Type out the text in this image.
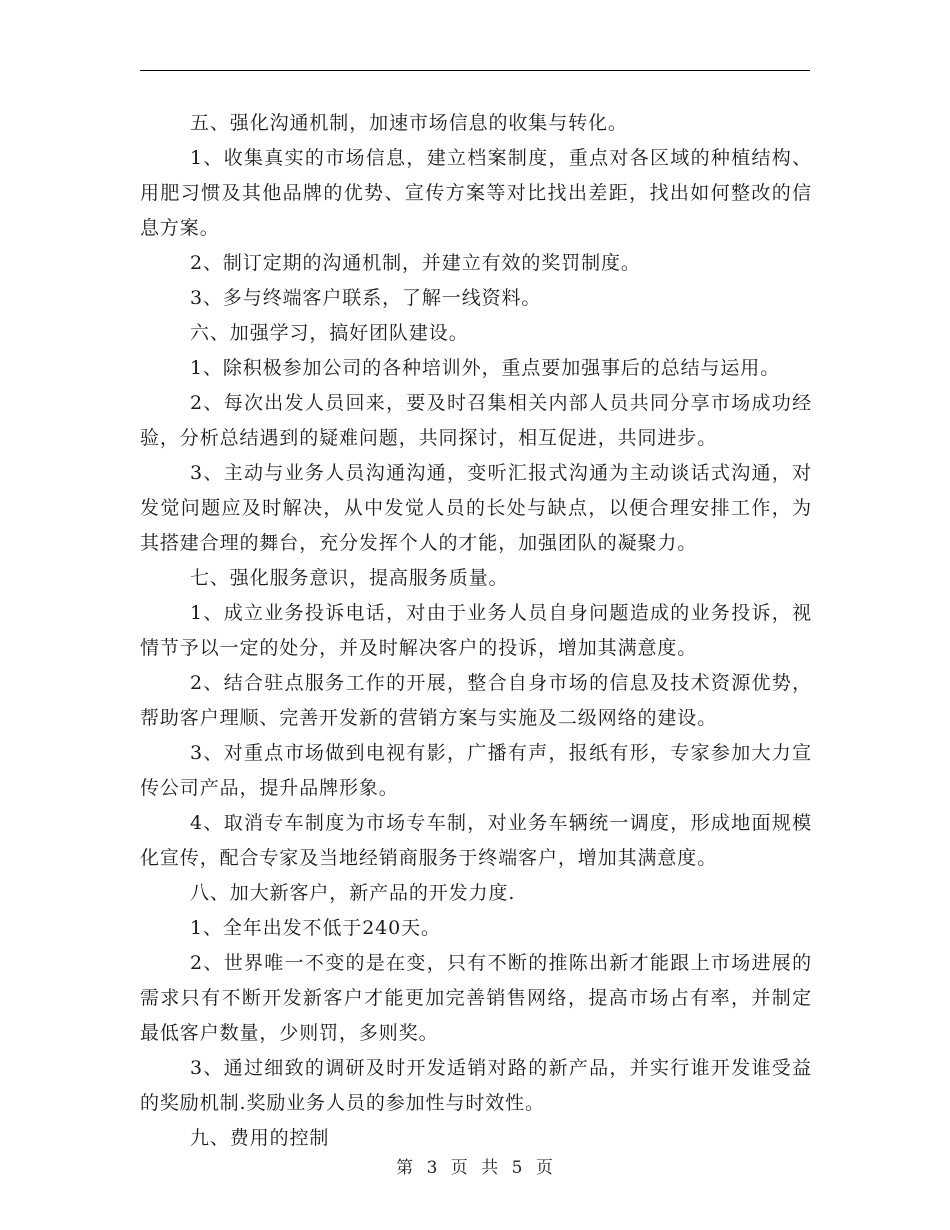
五、强化沟通机制，加速市场信息的收集与转化。

1、收集真实的市场信息，建立档案制度，重点对各区域的种植结构、用肥习惯及其他品牌的优势、宣传方案等对比找出差距，找出如何整改的信息方案。

2、制订定期的沟通机制，并建立有效的奖罚制度。

3、多与终端客户联系，了解一线资料。

六、加强学习，搞好团队建设。

1、除积极参加公司的各种培训外，重点要加强事后的总结与运用。

2、每次出发人员回来，要及时召集相关内部人员共同分享市场成功经验，分析总结遇到的疑难问题，共同探讨，相互促进，共同进步。

3、主动与业务人员沟通沟通，变听汇报式沟通为主动谈话式沟通，对发觉问题应及时解决，从中发觉人员的长处与缺点，以便合理安排工作，为其搭建合理的舞台，充分发挥个人的才能，加强团队的凝聚力。

七、强化服务意识，提高服务质量。

1、成立业务投诉电话，对由于业务人员自身问题造成的业务投诉，视情节予以一定的处分，并及时解决客户的投诉，增加其满意度。

2、结合驻点服务工作的开展，整合自身市场的信息及技术资源优势，帮助客户理顺、完善开发新的营销方案与实施及二级网络的建设。

3、对重点市场做到电视有影，广播有声，报纸有形，专家参加大力宣传公司产品，提升品牌形象。

4、取消专车制度为市场专车制，对业务车辆统一调度，形成地面规模化宣传，配合专家及当地经销商服务于终端客户，增加其满意度。

八、加大新客户，新产品的开发力度.

1、全年出发不低于240天。

2、世界唯一不变的是在变，只有不断的推陈出新才能跟上市场进展的需求只有不断开发新客户才能更加完善销售网络，提高市场占有率，并制定最低客户数量，少则罚，多则奖。

3、通过细致的调研及时开发适销对路的新产品，并实行谁开发谁受益的奖励机制.奖励业务人员的参加性与时效性。

九、费用的控制

第 3 页 共 5 页
